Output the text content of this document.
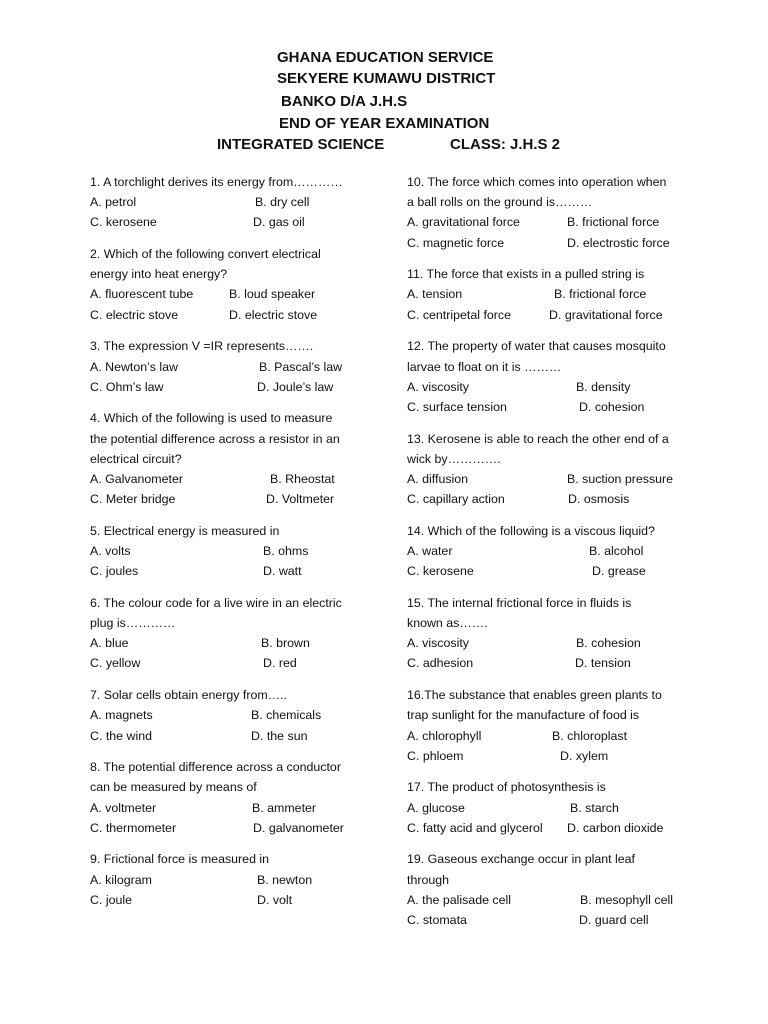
GHANA EDUCATION SERVICE
SEKYERE KUMAWU DISTRICT
BANKO D/A J.H.S
END OF YEAR EXAMINATION
INTEGRATED SCIENCE	CLASS: J.H.S 2
1. A torchlight derives its energy from…………
A. petrol	B. dry cell
C. kerosene	D. gas oil
2. Which of the following convert electrical
energy into heat energy?
A. fluorescent tube	B. loud speaker
C. electric stove	D. electric stove
3. The expression V =IR represents…….
A. Newton’s law	B. Pascal’s law
C. Ohm’s law	D. Joule’s law
4. Which of the following is used to measure
the potential difference across a resistor in an
electrical circuit?
A. Galvanometer	B. Rheostat
C. Meter bridge	D. Voltmeter
5. Electrical energy is measured in
A. volts	B. ohms
C. joules	D. watt
6. The colour code for a live wire in an electric
plug is…………
A. blue	B. brown
C. yellow	D. red
7. Solar cells obtain energy from…..
A. magnets	B. chemicals
C. the wind	D. the sun
8. The potential difference across a conductor
can be measured by means of
A. voltmeter	B. ammeter
C. thermometer	D. galvanometer
9. Frictional force is measured in
A. kilogram	B. newton
C. joule	D. volt
10. The force which comes into operation when
a ball rolls on the ground is………
A. gravitational force	B. frictional force
C. magnetic force	D. electrostic force
11. The force that exists in a pulled string is
A. tension	B. frictional force
C. centripetal force	D. gravitational force
12. The property of water that causes mosquito
larvae to float on it is ………
A. viscosity	B. density
C. surface tension	D. cohesion
13. Kerosene is able to reach the other end of a
wick by………….
A. diffusion	B. suction pressure
C. capillary action	D. osmosis
14. Which of the following is a viscous liquid?
A. water	B. alcohol
C. kerosene	D. grease
15. The internal frictional force in fluids is
known as…….
A. viscosity	B. cohesion
C. adhesion	D. tension
16.The substance that enables green plants to
trap sunlight for the manufacture of food is
A. chlorophyll	B. chloroplast
C. phloem	D. xylem
17. The product of photosynthesis is
A. glucose	B. starch
C. fatty acid and glycerol D. carbon dioxide
19. Gaseous exchange occur in plant leaf
through
A. the palisade cell	B. mesophyll cell
C. stomata	D. guard cell
